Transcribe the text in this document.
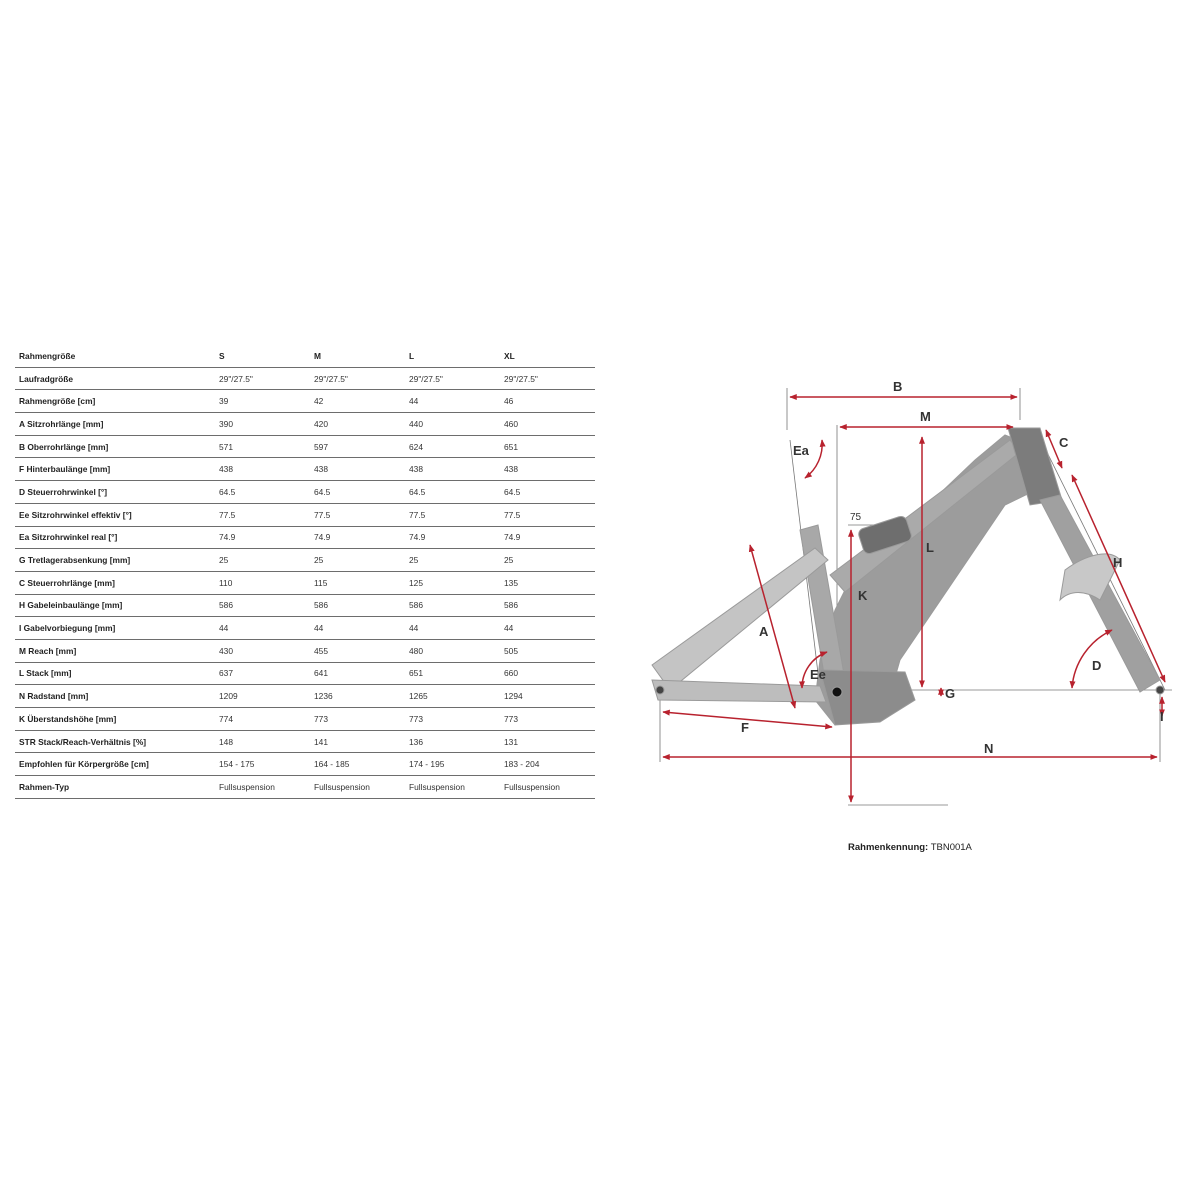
Rahmengröße	S	M	L	XL
Laufradgröße	29"/27.5"	29"/27.5"	29"/27.5"	29"/27.5"
Rahmengröße [cm]	39	42	44	46
A Sitzrohrlänge [mm]	390	420	440	460
B Oberrohrlänge [mm]	571	597	624	651
F Hinterbaulänge [mm]	438	438	438	438
D Steuerrohrwinkel [°]	64.5	64.5	64.5	64.5
Ee Sitzrohrwinkel effektiv [°]	77.5	77.5	77.5	77.5
Ea Sitzrohrwinkel real [°]	74.9	74.9	74.9	74.9
G Tretlagerabsenkung [mm]	25	25	25	25
C Steuerrohrlänge [mm]	110	115	125	135
H Gabeleinbaulänge [mm]	586	586	586	586
I Gabelvorbiegung [mm]	44	44	44	44
M Reach [mm]	430	455	480	505
L Stack [mm]	637	641	651	660
N Radstand [mm]	1209	1236	1265	1294
K Überstandshöhe [mm]	774	773	773	773
STR Stack/Reach-Verhältnis [%]	148	141	136	131
Empfohlen für Körpergröße [cm]	154 - 175	164 - 185	174 - 195	183 - 204
Rahmen-Typ	Fullsuspension	Fullsuspension	Fullsuspension	Fullsuspension
B
M
C
Ea
75
L
H
K
A
D
Ee
G
I
F
N
Rahmenkennung: TBN001A
